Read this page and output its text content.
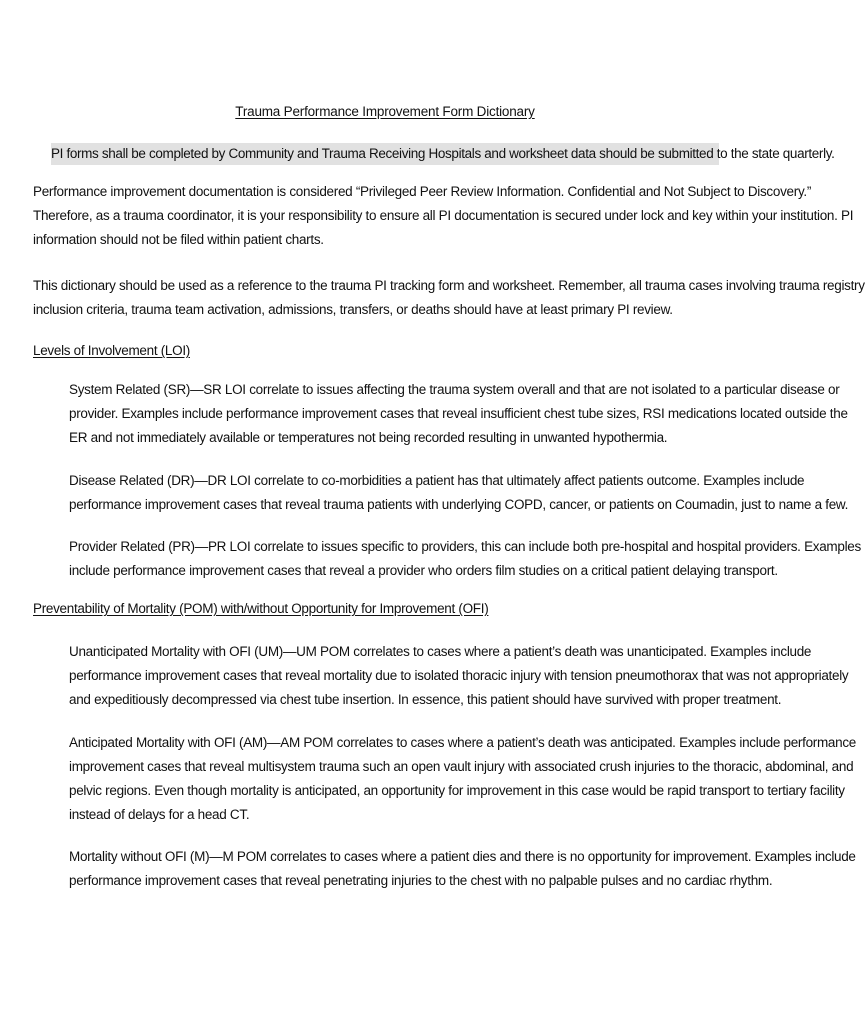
Trauma Performance Improvement Form Dictionary
PI forms shall be completed by Community and Trauma Receiving Hospitals and worksheet data should be submitted to the state quarterly.

Performance improvement documentation is considered “Privileged Peer Review Information. Confidential and Not Subject to Discovery.”
Therefore, as a trauma coordinator, it is your responsibility to ensure all PI documentation is secured under lock and key within your institution. PI
information should not be filed within patient charts.

This dictionary should be used as a reference to the trauma PI tracking form and worksheet. Remember, all trauma cases involving trauma registry
inclusion criteria, trauma team activation, admissions, transfers, or deaths should have at least primary PI review.

Levels of Involvement (LOI)

System Related (SR)—SR LOI correlate to issues affecting the trauma system overall and that are not isolated to a particular disease or
provider. Examples include performance improvement cases that reveal insufficient chest tube sizes, RSI medications located outside the
ER and not immediately available or temperatures not being recorded resulting in unwanted hypothermia.

Disease Related (DR)—DR LOI correlate to co-morbidities a patient has that ultimately affect patients outcome. Examples include
performance improvement cases that reveal trauma patients with underlying COPD, cancer, or patients on Coumadin, just to name a few.

Provider Related (PR)—PR LOI correlate to issues specific to providers, this can include both pre-hospital and hospital providers. Examples
include performance improvement cases that reveal a provider who orders film studies on a critical patient delaying transport.

Preventability of Mortality (POM) with/without Opportunity for Improvement (OFI)

Unanticipated Mortality with OFI (UM)—UM POM correlates to cases where a patient’s death was unanticipated. Examples include
performance improvement cases that reveal mortality due to isolated thoracic injury with tension pneumothorax that was not appropriately
and expeditiously decompressed via chest tube insertion. In essence, this patient should have survived with proper treatment.

Anticipated Mortality with OFI (AM)—AM POM correlates to cases where a patient’s death was anticipated. Examples include performance
improvement cases that reveal multisystem trauma such an open vault injury with associated crush injuries to the thoracic, abdominal, and
pelvic regions. Even though mortality is anticipated, an opportunity for improvement in this case would be rapid transport to tertiary facility
instead of delays for a head CT.

Mortality without OFI (M)—M POM correlates to cases where a patient dies and there is no opportunity for improvement. Examples include
performance improvement cases that reveal penetrating injuries to the chest with no palpable pulses and no cardiac rhythm.
